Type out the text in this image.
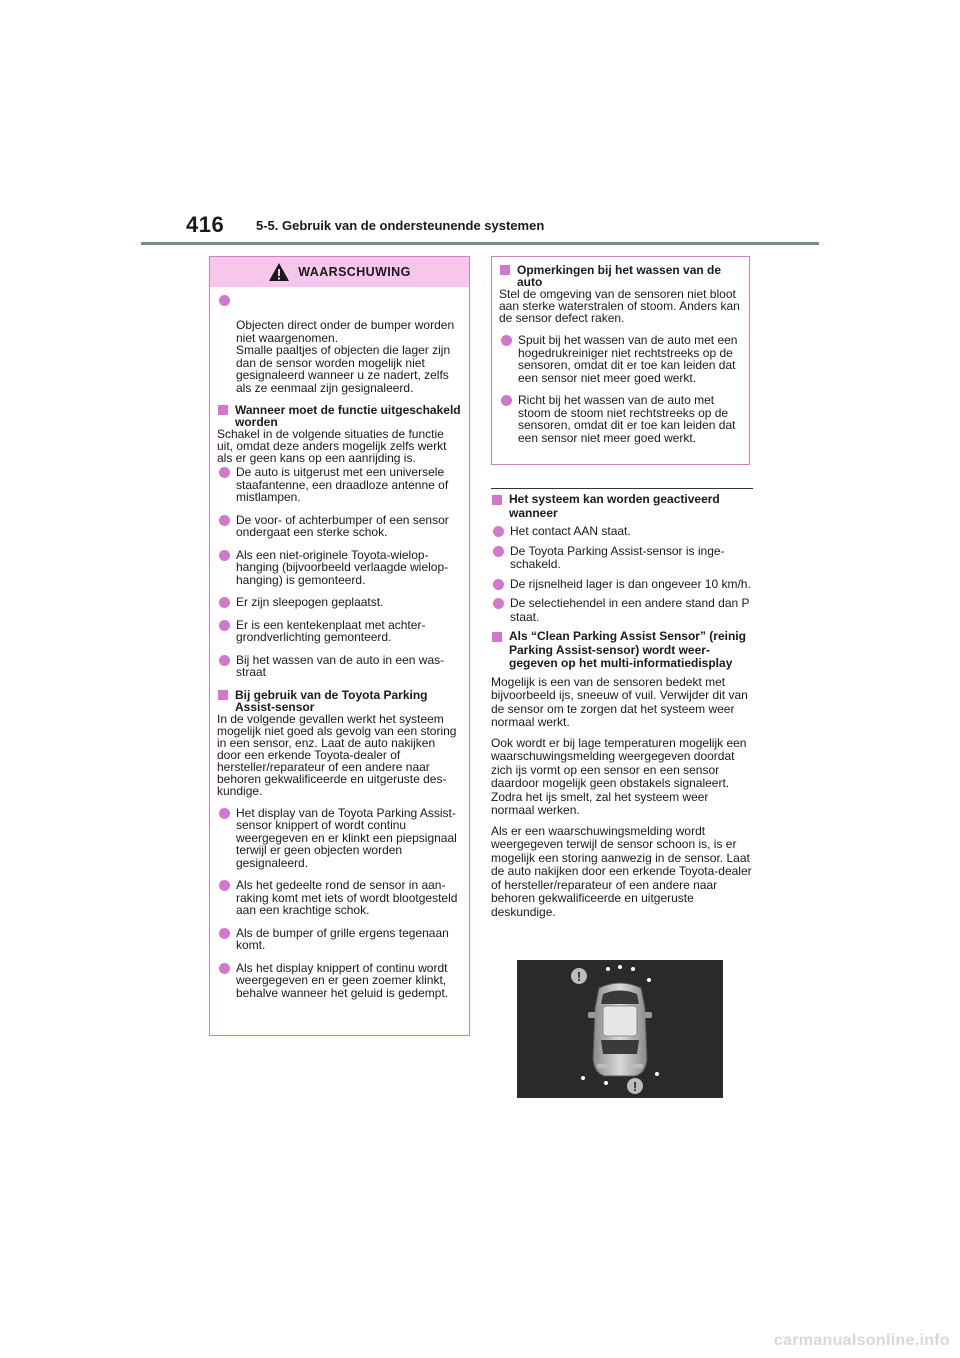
416 5-5. Gebruik van de ondersteunende systemen
WAARSCHUWING

Objecten direct onder de bumper worden niet waargenomen.
Smalle paaltjes of objecten die lager zijn dan de sensor worden mogelijk niet gesignaleerd wanneer u ze nadert, zelfs als ze eenmaal zijn gesignaleerd.

Wanneer moet de functie uitgeschakeld worden
Schakel in de volgende situaties de functie uit, omdat deze anders mogelijk zelfs werkt als er geen kans op een aanrijding is.
De auto is uitgerust met een universele staafantenne, een draadloze antenne of mistlampen.
De voor- of achterbumper of een sensor ondergaat een sterke schok.
Als een niet-originele Toyota-wielophanging (bijvoorbeeld verlaagde wielophanging) is gemonteerd.
Er zijn sleepogen geplaatst.
Er is een kentekenplaat met achtergrondverlichting gemonteerd.
Bij het wassen van de auto in een wasstraat
Bij gebruik van de Toyota Parking Assist-sensor
In de volgende gevallen werkt het systeem mogelijk niet goed als gevolg van een storing in een sensor, enz. Laat de auto nakijken door een erkende Toyota-dealer of hersteller/reparateur of een andere naar behoren gekwalificeerde en uitgeruste deskundige.
Het display van de Toyota Parking Assist-sensor knippert of wordt continu weergegeven en er klinkt een piepsignaal terwijl er geen objecten worden gesignaleerd.
Als het gedeelte rond de sensor in aanraking komt met iets of wordt blootgesteld aan een krachtige schok.
Als de bumper of grille ergens tegenaan komt.
Als het display knippert of continu wordt weergegeven en er geen zoemer klinkt, behalve wanneer het geluid is gedempt.
Opmerkingen bij het wassen van de auto
Stel de omgeving van de sensoren niet bloot aan sterke waterstralen of stoom. Anders kan de sensor defect raken.
Spuit bij het wassen van de auto met een hogedrukreiniger niet rechtstreeks op de sensoren, omdat dit er toe kan leiden dat een sensor niet meer goed werkt.
Richt bij het wassen van de auto met stoom de stoom niet rechtstreeks op de sensoren, omdat dit er toe kan leiden dat een sensor niet meer goed werkt.
Het systeem kan worden geactiveerd wanneer
Het contact AAN staat.
De Toyota Parking Assist-sensor is ingeschakeld.
De rijsnelheid lager is dan ongeveer 10 km/h.
De selectiehendel in een andere stand dan P staat.
Als “Clean Parking Assist Sensor” (reinig Parking Assist-sensor) wordt weergegeven op het multi-informatiedisplay
Mogelijk is een van de sensoren bedekt met bijvoorbeeld ijs, sneeuw of vuil. Verwijder dit van de sensor om te zorgen dat het systeem weer normaal werkt.
Ook wordt er bij lage temperaturen mogelijk een waarschuwingsmelding weergegeven doordat zich ijs vormt op een sensor en een sensor daardoor mogelijk geen obstakels signaleert. Zodra het ijs smelt, zal het systeem weer normaal werken.
Als er een waarschuwingsmelding wordt weergegeven terwijl de sensor schoon is, is er mogelijk een storing aanwezig in de sensor. Laat de auto nakijken door een erkende Toyota-dealer of hersteller/reparateur of een andere naar behoren gekwalificeerde en uitgeruste deskundige.
!
!
carmanualsonline.info
